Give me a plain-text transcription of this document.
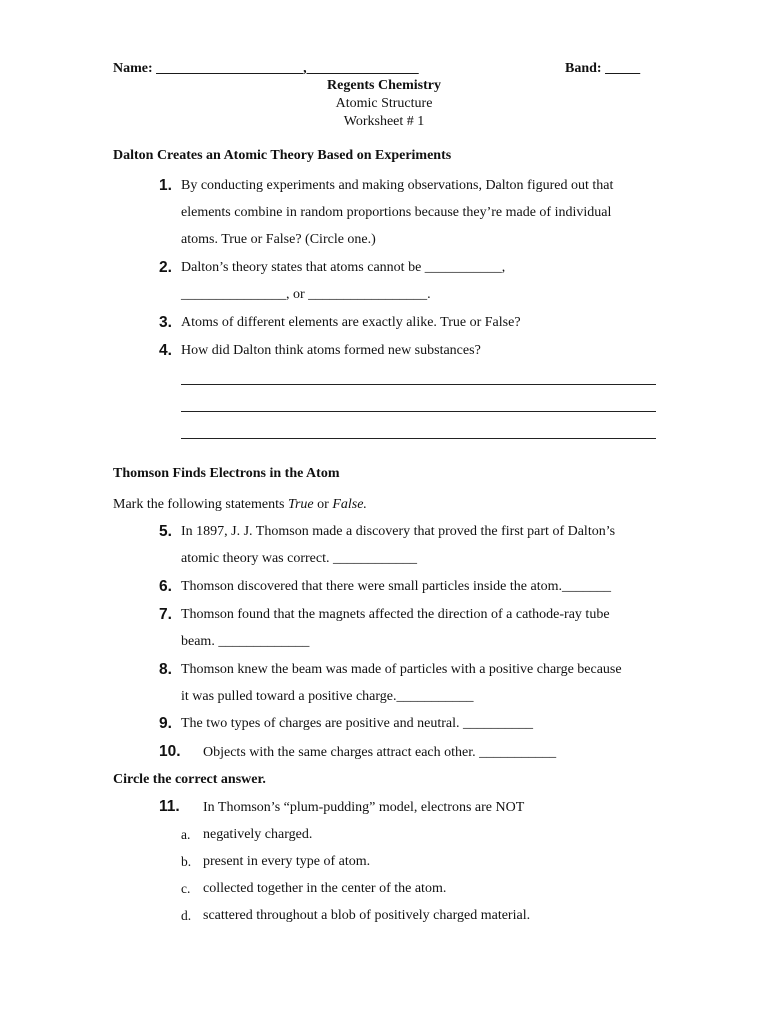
Name: _____________________,________________	Band: _____
Regents Chemistry
Atomic Structure
Worksheet # 1
Dalton Creates an Atomic Theory Based on Experiments
1. By conducting experiments and making observations, Dalton figured out that
elements combine in random proportions because they’re made of individual
atoms. True or False? (Circle one.)
2. Dalton’s theory states that atoms cannot be ___________,
_______________, or _________________.
3. Atoms of different elements are exactly alike. True or False?
4. How did Dalton think atoms formed new substances?
Thomson Finds Electrons in the Atom
Mark the following statements True or False.
5. In 1897, J. J. Thomson made a discovery that proved the first part of Dalton’s
atomic theory was correct. ____________
6. Thomson discovered that there were small particles inside the atom._______
7. Thomson found that the magnets affected the direction of a cathode-ray tube
beam. _____________
8. Thomson knew the beam was made of particles with a positive charge because
it was pulled toward a positive charge.___________
9. The two types of charges are positive and neutral. __________
10. Objects with the same charges attract each other. ___________
Circle the correct answer.
11. In Thomson’s “plum-pudding” model, electrons are NOT
a. negatively charged.
b. present in every type of atom.
c. collected together in the center of the atom.
d. scattered throughout a blob of positively charged material.
